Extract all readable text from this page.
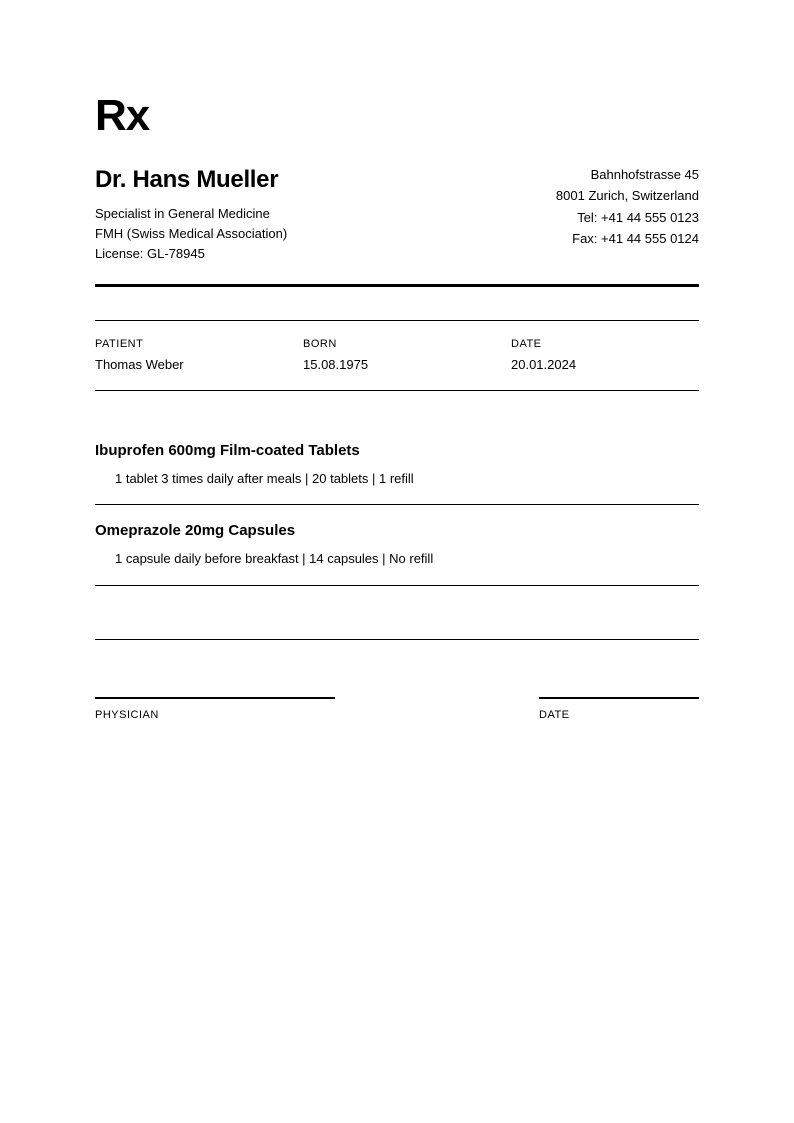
Rx
Dr. Hans Mueller
Specialist in General Medicine
FMH (Swiss Medical Association)
License: GL-78945
Bahnhofstrasse 45
8001 Zurich, Switzerland
Tel: +41 44 555 0123
Fax: +41 44 555 0124
PATIENT
Thomas Weber
BORN
15.08.1975
DATE
20.01.2024
Ibuprofen 600mg Film-coated Tablets
1 tablet 3 times daily after meals | 20 tablets | 1 refill
Omeprazole 20mg Capsules
1 capsule daily before breakfast | 14 capsules | No refill
PHYSICIAN	DATE
